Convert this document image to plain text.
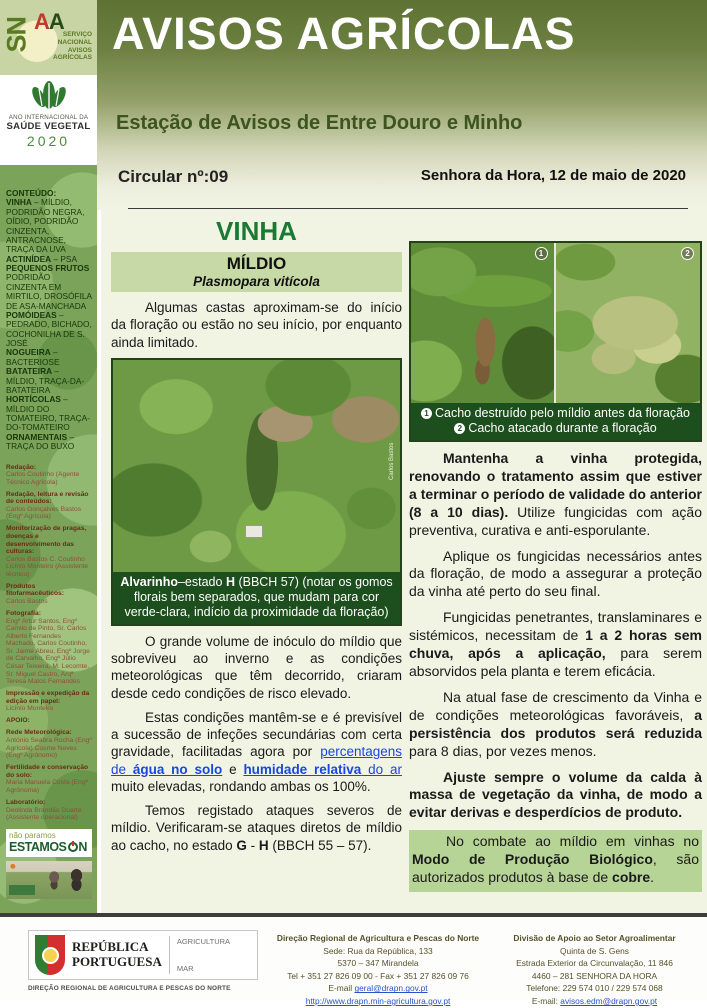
AVISOS AGRÍCOLAS
Estação de Avisos de Entre Douro e Minho
Circular nº:09	Senhora da Hora, 12 de maio de 2020
SN AA
SERVIÇO
NACIONAL
AVISOS
AGRÍCOLAS
ANO INTERNACIONAL DA
SAÚDE VEGETAL
2020
CONTEÚDO:
VINHA – MÍLDIO, PODRIDÃO NEGRA, OÍDIO, PODRIDÃO CINZENTA, ANTRACNOSE, TRAÇA DA UVA
ACTINÍDEA – PSA
PEQUENOS FRUTOS PODRIDÃO CINZENTA EM MIRTILO, DROSÓFILA DE ASA-MANCHADA
POMÓIDEAS – PEDRADO, BICHADO, COCHONILHA DE S. JOSÉ
NOGUEIRA – BACTERIOSE
BATATEIRA – MÍLDIO, TRAÇA-DA-BATATEIRA
HORTÍCOLAS – MÍLDIO DO TOMATEIRO, TRAÇA-DO-TOMATEIRO
ORNAMENTAIS – TRAÇA DO BUXO
Redação:
Carlos Coutinho (Agente Técnico Agrícola)
Redação, leitura e revisão de conteúdos:
Carlos Gonçalves Bastos (Engº Agrícola)
Monitorização de pragas, doenças e desenvolvimento das culturas:
Carlos Bastos C. Coutinho Licínio Monteiro (Assistente técnico)
Produtos fitofarmacêuticos:
Carlos Bastos
Fotografia:
Engº Artur Santos, Engº Camilo de Pinto, Sr. Carlos Alberto Fernandes Machado, Carlos Coutinho, Sr. Jaime Abreu, Engº Jorge de Carvalho, Engº Júlio César Teixeira, M. Lecomte, Sr. Miguel Castro, Arqª Teresa Matos Fernandes
Impressão e expedição da edição em papel:
Licínio Monteiro
APOIO:
Rede Meteorológica:
António Seabra Rocha (Engº Agrícola) Cosme Neves (Engº Agrónomo)
Fertilidade e conservação do solo:
Maria Manuela Costa (Engª Agrónoma)
Laboratório:
Deolinda Brandão Duarte (Assistente operacional)
não paramos
ESTAMOS N
VINHA
MÍLDIO
Plasmopara vitícola

Algumas castas aproximam-se do início da floração ou estão no seu início, por enquanto ainda limitado.

Carlos Bastos
Alvarinho–estado H (BBCH 57) (notar os gomos florais bem separados, que mudam para cor verde-clara, indício da proximidade da floração)

O grande volume de inóculo do míldio que sobreviveu ao inverno e as condições meteorológicas que têm decorrido, criaram desde cedo condições de risco elevado.

Estas condições mantêm-se e é previsível a sucessão de infeções secundárias com certa gravidade, facilitadas agora por percentagens de água no solo e humidade relativa do ar muito elevadas, rondando ambas os 100%.

Temos registado ataques severos de míldio. Verificaram-se ataques diretos de míldio ao cacho, no estado G - H (BBCH 55 – 57).

1	2
1 Cacho destruído pelo míldio antes da floração
2 Cacho atacado durante a floração

Mantenha a vinha protegida, renovando o tratamento assim que estiver a terminar o período de validade do anterior (8 a 10 dias). Utilize fungicidas com ação preventiva, curativa e anti-esporulante.

Aplique os fungicidas necessários antes da floração, de modo a assegurar a proteção da vinha até perto do seu final.

Fungicidas penetrantes, translaminares e sistémicos, necessitam de 1 a 2 horas sem chuva, após a aplicação, para serem absorvidos pela planta e terem eficácia.

Na atual fase de crescimento da Vinha e de condições meteorológicas favoráveis, a persistência dos produtos será reduzida para 8 dias, por vezes menos.

Ajuste sempre o volume da calda à massa de vegetação da vinha, de modo a evitar derivas e desperdícios de produto.

No combate ao míldio em vinhas no Modo de Produção Biológico, são autorizados produtos à base de cobre.

REPÚBLICA
PORTUGUESA
AGRICULTURA
MAR
DIREÇÃO REGIONAL DE AGRICULTURA E PESCAS DO NORTE
Direção Regional de Agricultura e Pescas do Norte
Sede: Rua da República, 133
5370 – 347 Mirandela
Tel + 351 27 826 09 00 - Fax + 351 27 826 09 76
E-mail geral@drapn.gov.pt
http://www.drapn.min-agricultura.gov.pt
Divisão de Apoio ao Setor Agroalimentar
Quinta de S. Gens
Estrada Exterior da Circunvalação, 11 846
4460 – 281 SENHORA DA HORA
Telefone: 229 574 010 / 229 574 068
E-mail: avisos.edm@drapn.gov.pt
